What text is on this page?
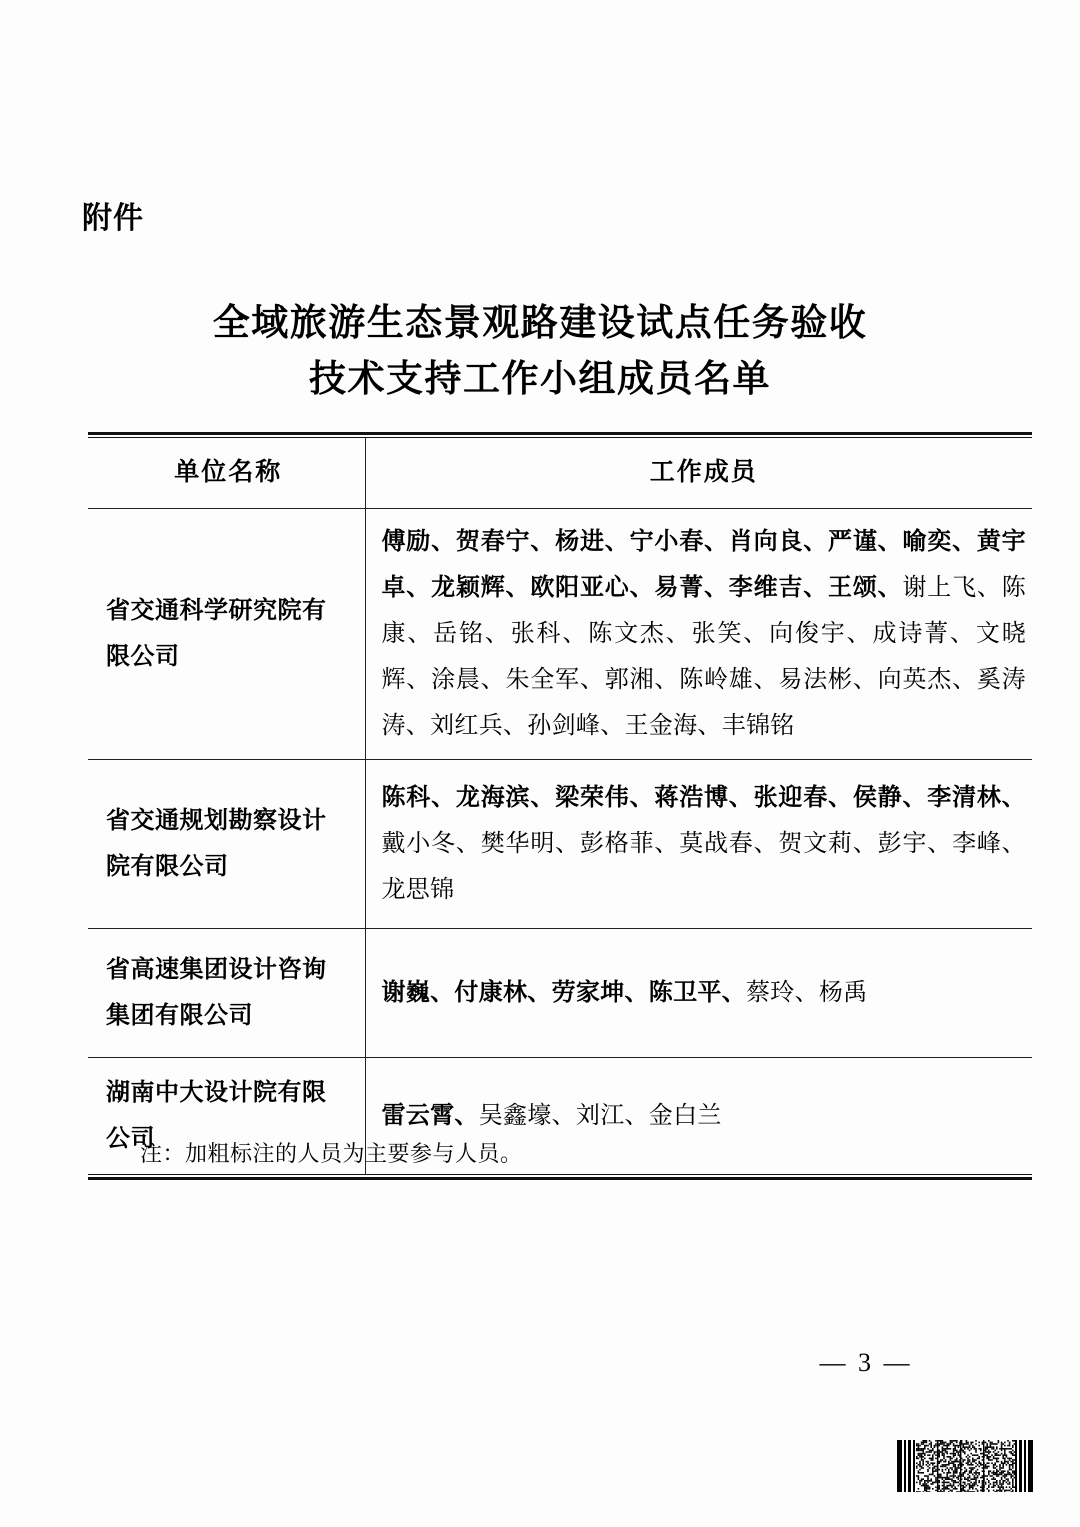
附件
全域旅游生态景观路建设试点任务验收
技术支持工作小组成员名单
单位名称	工作成员

省交通科学研究院有限公司	傅励、贺春宁、杨进、宁小春、肖向良、严谨、喻奕、黄宇卓、龙颖辉、欧阳亚心、易菁、李维吉、王颂、谢上飞、陈康、岳铭、张科、陈文杰、张笑、向俊宇、成诗菁、文晓辉、涂晨、朱全军、郭湘、陈岭雄、易法彬、向英杰、奚涛涛、刘红兵、孙剑峰、王金海、丰锦铭

省交通规划勘察设计院有限公司	陈科、龙海滨、梁荣伟、蒋浩博、张迎春、侯静、李清林、戴小冬、樊华明、彭格菲、莫战春、贺文莉、彭宇、李峰、龙思锦

省高速集团设计咨询集团有限公司	谢巍、付康林、劳家坤、陈卫平、蔡玲、杨禹

湖南中大设计院有限公司	雷云霄、吴鑫壕、刘江、金白兰
注：加粗标注的人员为主要参与人员。
— 3 —
